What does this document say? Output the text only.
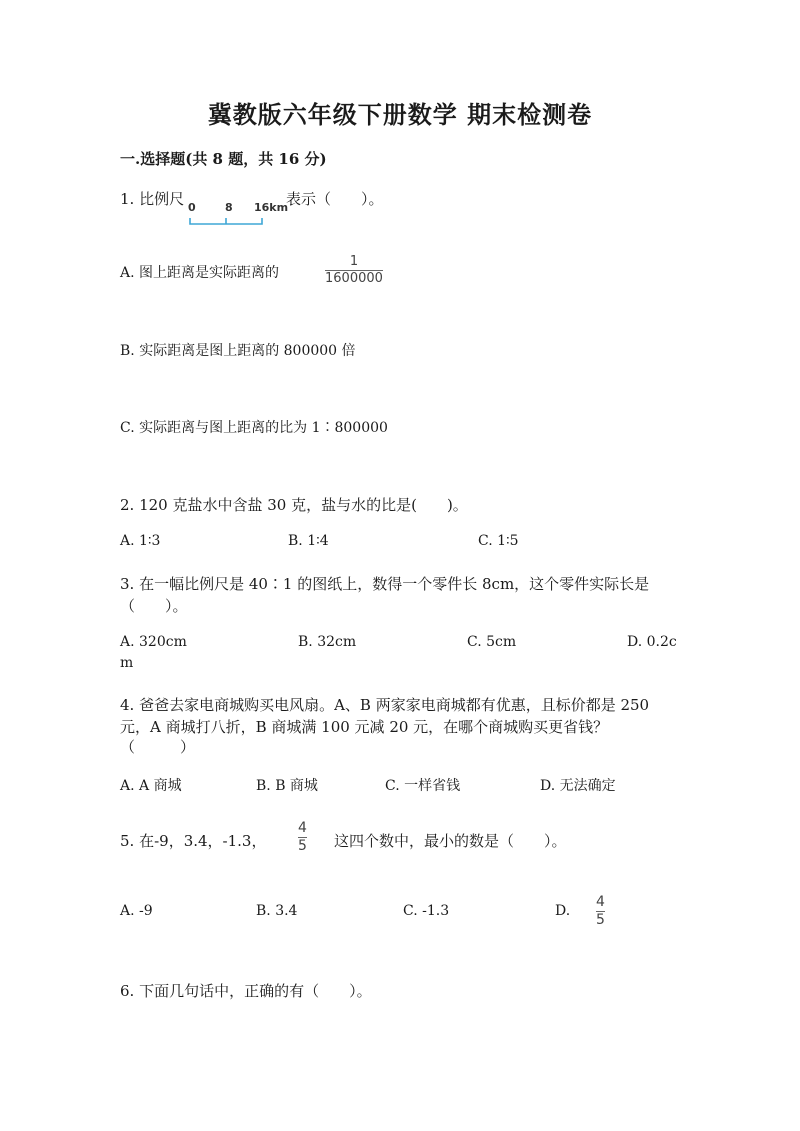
冀教版六年级下册数学 期末检测卷
一.选择题(共 8 题，共 16 分)
1. 比例尺 0	8 16km
表示（　　）。
A. 图上距离是实际距离的
1
1600000
B. 实际距离是图上距离的 800000 倍
C. 实际距离与图上距离的比为 1∶800000
2. 120 克盐水中含盐 30 克，盐与水的比是(　　)。
A. 1∶3	B. 1∶4	C. 1∶5
3. 在一幅比例尺是 40∶1 的图纸上，数得一个零件长 8cm，这个零件实际长是
（　　）。
A. 320cm	B. 32cm	C. 5cm	D. 0.2c
m
4. 爸爸去家电商城购买电风扇。A、B 两家家电商城都有优惠，且标价都是 250
元，A 商城打八折，B 商城满 100 元减 20 元，在哪个商城购买更省钱？
（　　　）
A. A 商城	B. B 商城	C. 一样省钱	D. 无法确定
5. 在-9，3.4，-1.3，
4
5 这四个数中，最小的数是（　　）。
A. -9	B. 3.4	C. -1.3	D.
4
5
6. 下面几句话中，正确的有（　　）。
